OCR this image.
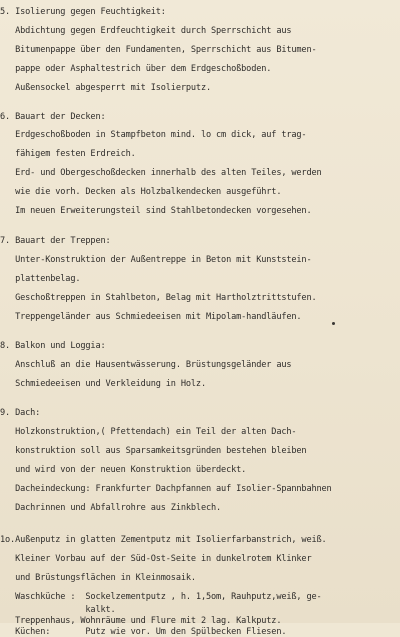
5. Isolierung gegen Feuchtigkeit:
Abdichtung gegen Erdfeuchtigkeit durch Sperrschicht aus
Bitumenpappe über den Fundamenten, Sperrschicht aus Bitumen-
pappe oder Asphaltestrich über dem Erdgeschoßboden.
Außensockel abgesperrt mit Isolierputz.
6. Bauart der Decken:
Erdgeschoßboden in Stampfbeton mind. lo cm dick, auf trag-
fähigem festen Erdreich.
Erd- und Obergeschoßdecken innerhalb des alten Teiles, werden
wie die vorh. Decken als Holzbalkendecken ausgeführt.
Im neuen Erweiterungsteil sind Stahlbetondecken vorgesehen.
7. Bauart der Treppen:
Unter-Konstruktion der Außentreppe in Beton mit Kunststein-
plattenbelag.
Geschoßtreppen in Stahlbeton, Belag mit Hartholztrittstufen.
Treppengeländer aus Schmiedeeisen mit Mipolam-handläufen.
8. Balkon und Loggia:
Anschluß an die Hausentwässerung. Brüstungsgeländer aus
Schmiedeeisen und Verkleidung in Holz.
9. Dach:
Holzkonstruktion,( Pfettendach) ein Teil der alten Dach-
konstruktion soll aus Sparsamkeitsgründen bestehen bleiben
und wird von der neuen Konstruktion überdeckt.
Dacheindeckung: Frankfurter Dachpfannen auf Isolier-Spannbahnen
Dachrinnen und Abfallrohre aus Zinkblech.
1o.Außenputz in glatten Zementputz mit Isolierfarbanstrich, weiß.
Kleiner Vorbau auf der Süd-Ost-Seite in dunkelrotem Klinker
und Brüstungsflächen in Kleinmosaik.
Waschküche :  Sockelzementputz , h. 1,5om, Rauhputz,weiß, ge-
kalkt.
Treppenhaus, Wohnräume und Flure mit 2 lag. Kalkputz.
Küchen:       Putz wie vor. Um den Spülbecken Fliesen.
